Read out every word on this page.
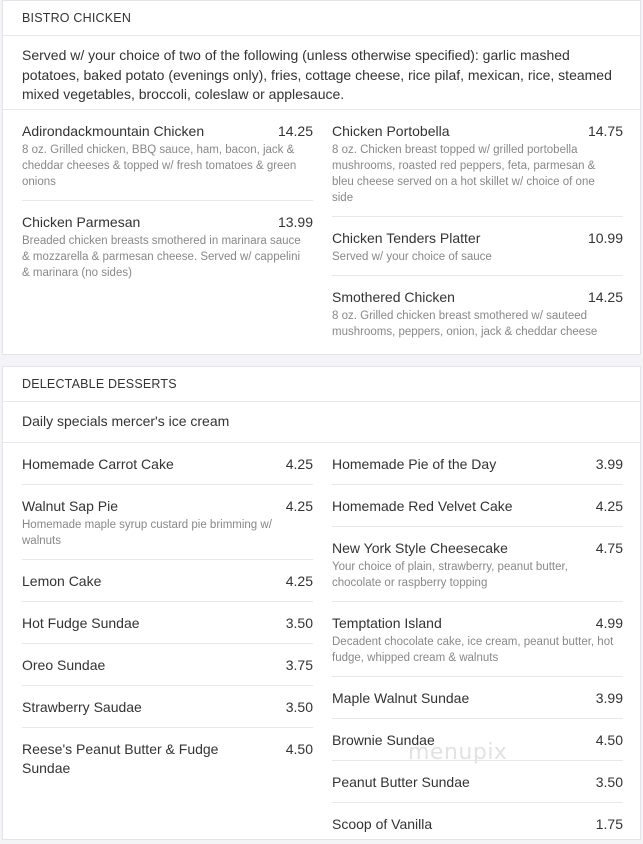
BISTRO CHICKEN
Served w/ your choice of two of the following (unless otherwise specified): garlic mashed potatoes, baked potato (evenings only), fries, cottage cheese, rice pilaf, mexican, rice, steamed mixed vegetables, broccoli, coleslaw or applesauce.
Adirondackmountain Chicken	14.25
8 oz. Grilled chicken, BBQ sauce, ham, bacon, jack & cheddar cheeses & topped w/ fresh tomatoes & green onions
Chicken Parmesan	13.99
Breaded chicken breasts smothered in marinara sauce & mozzarella & parmesan cheese. Served w/ cappelini & marinara (no sides)
Chicken Portobella	14.75
8 oz. Chicken breast topped w/ grilled portobella mushrooms, roasted red peppers, feta, parmesan & bleu cheese served on a hot skillet w/ choice of one side
Chicken Tenders Platter	10.99
Served w/ your choice of sauce
Smothered Chicken	14.25
8 oz. Grilled chicken breast smothered w/ sauteed mushrooms, peppers, onion, jack & cheddar cheese
DELECTABLE DESSERTS
Daily specials mercer's ice cream
Homemade Carrot Cake	4.25
Walnut Sap Pie	4.25
Homemade maple syrup custard pie brimming w/ walnuts
Lemon Cake	4.25
Hot Fudge Sundae	3.50
Oreo Sundae	3.75
Strawberry Saudae	3.50
Reese's Peanut Butter & Fudge Sundae
4.50
Homemade Pie of the Day	3.99
Homemade Red Velvet Cake	4.25
New York Style Cheesecake	4.75
Your choice of plain, strawberry, peanut butter, chocolate or raspberry topping
Temptation Island	4.99
Decadent chocolate cake, ice cream, peanut butter, hot fudge, whipped cream & walnuts
Maple Walnut Sundae	3.99
Brownie Sundae	4.50
Peanut Butter Sundae	3.50
Scoop of Vanilla	1.75
menupix
